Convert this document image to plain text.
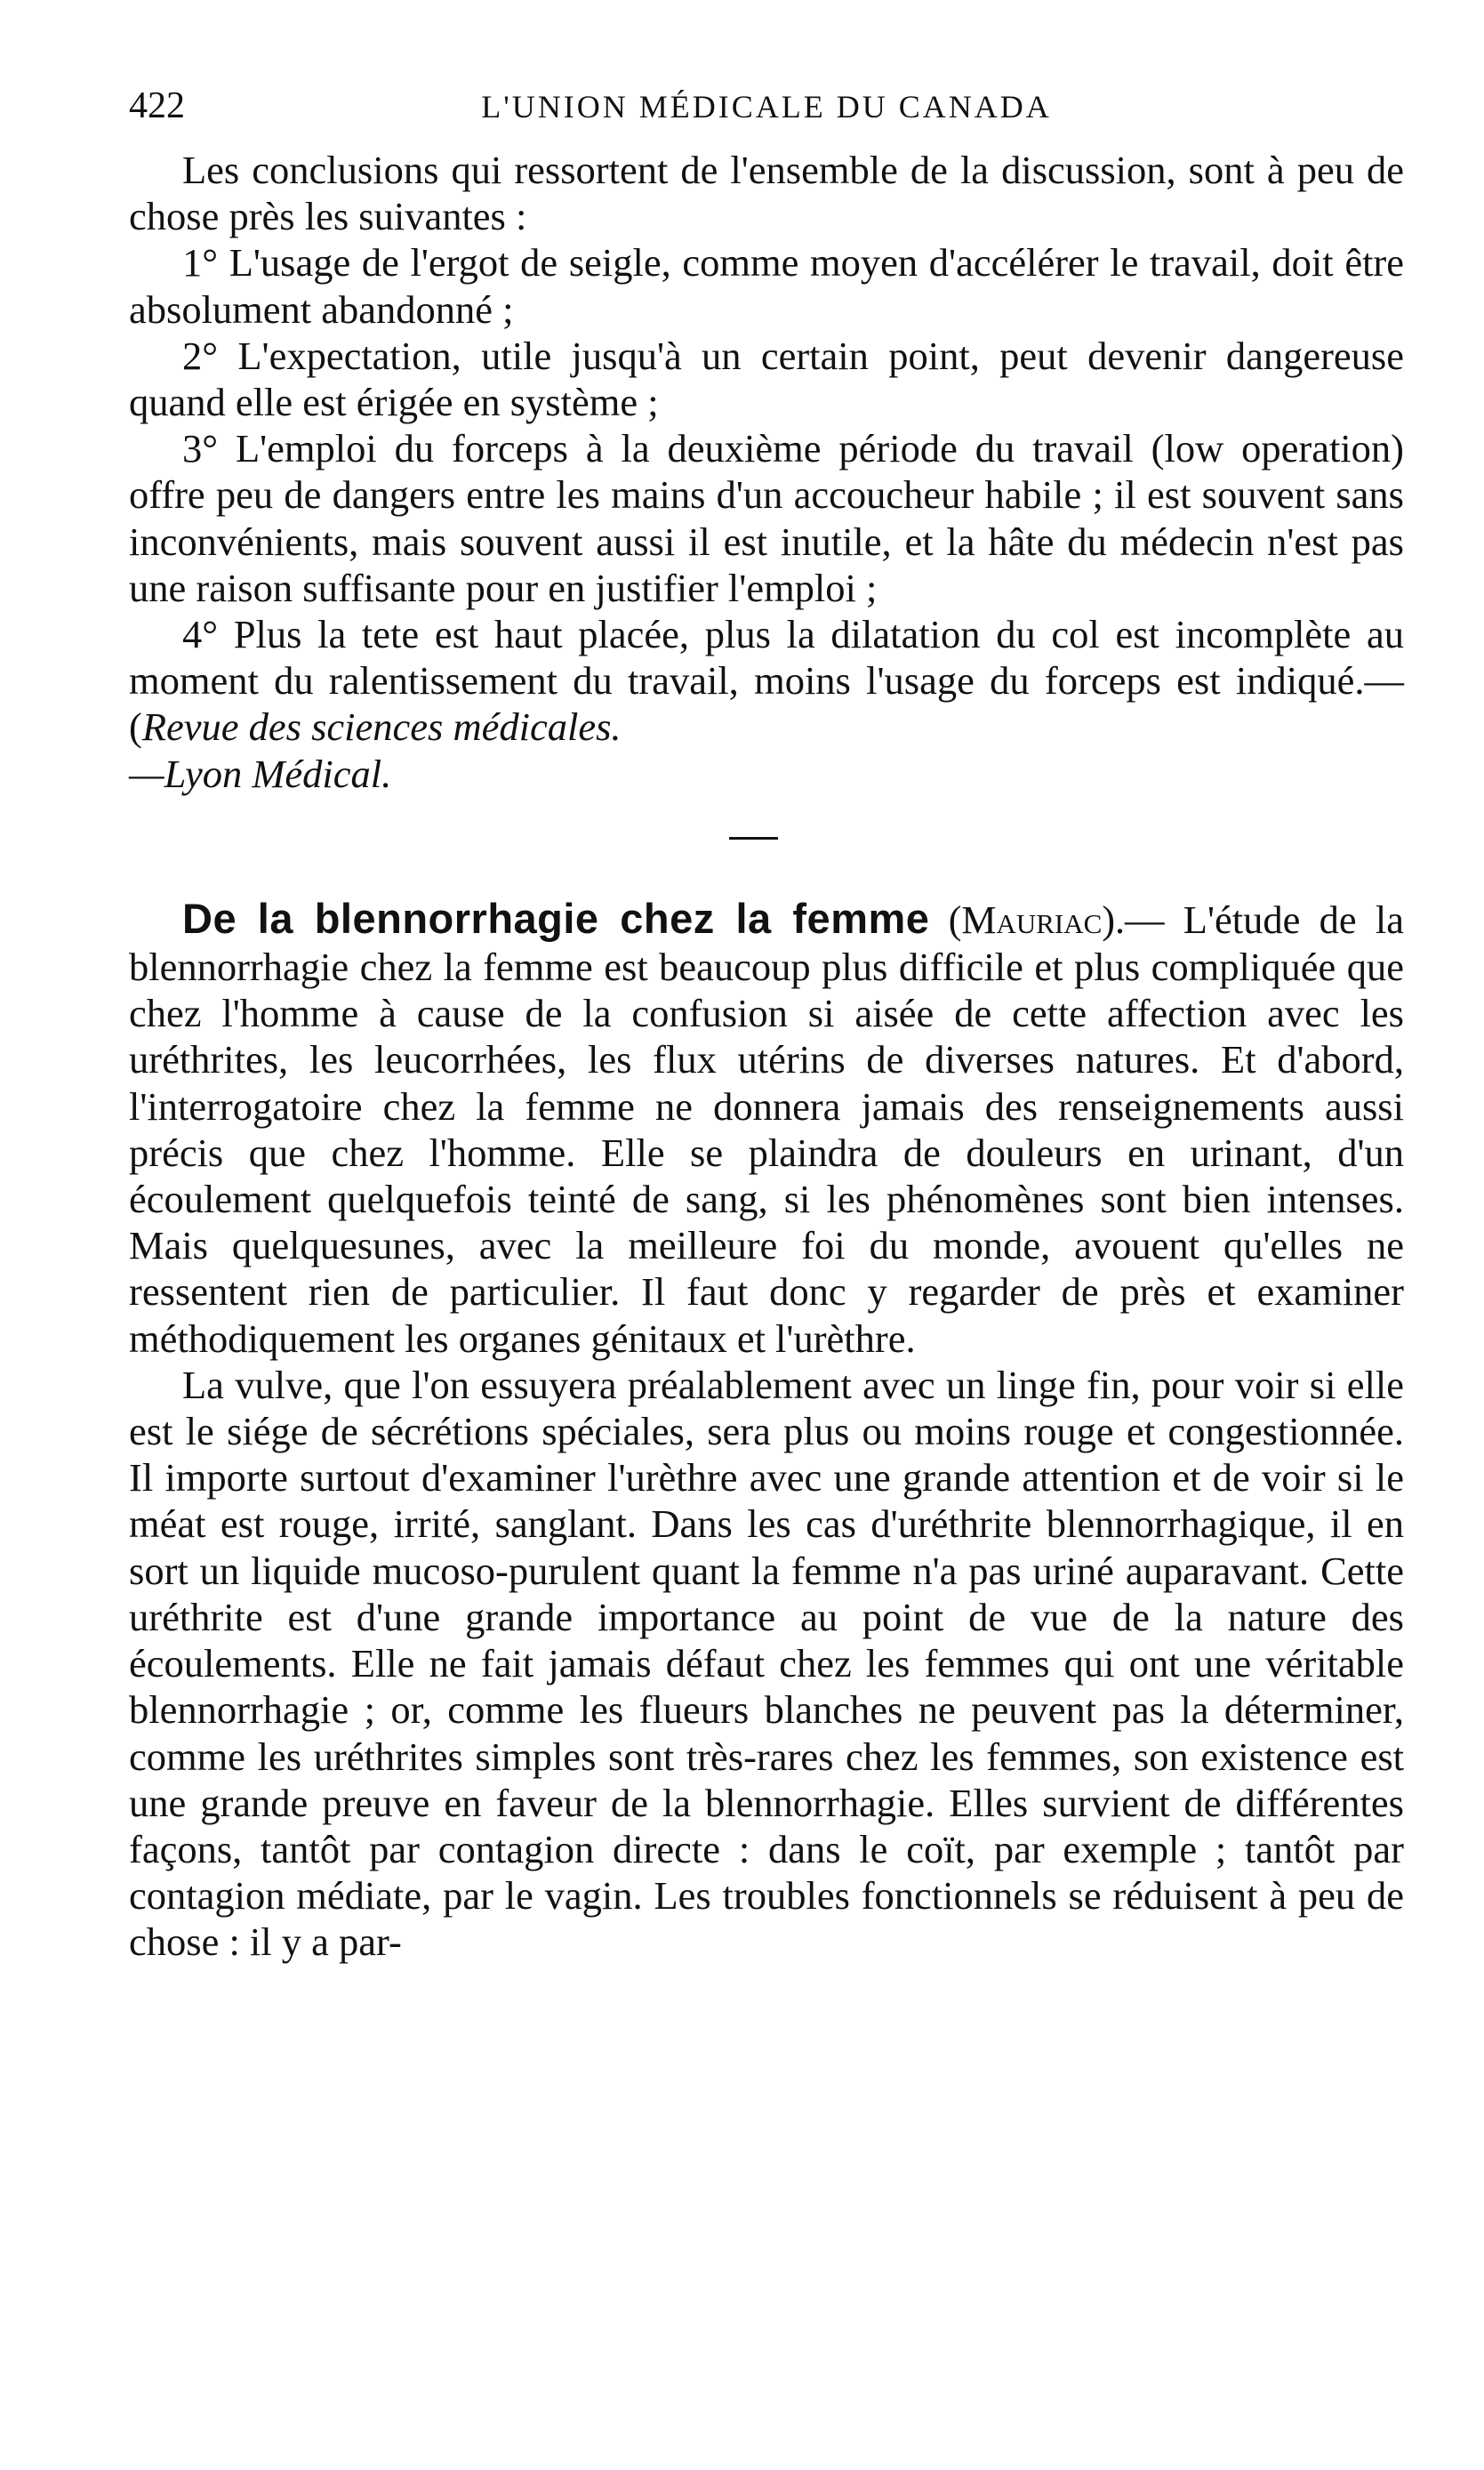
422	L'UNION MÉDICALE DU CANADA

Les conclusions qui ressortent de l'ensemble de la discussion, sont à peu de chose près les suivantes :

1° L'usage de l'ergot de seigle, comme moyen d'accélérer le travail, doit être absolument abandonné ;

2° L'expectation, utile jusqu'à un certain point, peut devenir dangereuse quand elle est érigée en système ;

3° L'emploi du forceps à la deuxième période du travail (low operation) offre peu de dangers entre les mains d'un accoucheur habile ; il est souvent sans inconvénients, mais souvent aussi il est inutile, et la hâte du médecin n'est pas une raison suffisante pour en justifier l'emploi ;

4° Plus la tete est haut placée, plus la dilatation du col est incomplète au moment du ralentissement du travail, moins l'usage du forceps est indiqué.—(Revue des sciences médicales.

—Lyon Médical.

De la blennorrhagie chez la femme (Mauriac).— L'étude de la blennorrhagie chez la femme est beaucoup plus difficile et plus compliquée que chez l'homme à cause de la confusion si aisée de cette affection avec les uréthrites, les leucorrhées, les flux utérins de diverses natures. Et d'abord, l'interrogatoire chez la femme ne donnera jamais des renseignements aussi précis que chez l'homme. Elle se plaindra de douleurs en urinant, d'un écoulement quelquefois teinté de sang, si les phénomènes sont bien intenses. Mais quelquesunes, avec la meilleure foi du monde, avouent qu'elles ne ressentent rien de particulier. Il faut donc y regarder de près et examiner méthodiquement les organes génitaux et l'urèthre.

La vulve, que l'on essuyera préalablement avec un linge fin, pour voir si elle est le siége de sécrétions spéciales, sera plus ou moins rouge et congestionnée. Il importe surtout d'examiner l'urèthre avec une grande attention et de voir si le méat est rouge, irrité, sanglant. Dans les cas d'uréthrite blennorrhagique, il en sort un liquide mucoso-purulent quant la femme n'a pas uriné auparavant. Cette uréthrite est d'une grande importance au point de vue de la nature des écoulements. Elle ne fait jamais défaut chez les femmes qui ont une véritable blennorrhagie ; or, comme les flueurs blanches ne peuvent pas la déterminer, comme les uréthrites simples sont très-rares chez les femmes, son existence est une grande preuve en faveur de la blennorrhagie. Elles survient de différentes façons, tantôt par contagion directe : dans le coït, par exemple ; tantôt par contagion médiate, par le vagin. Les troubles fonctionnels se réduisent à peu de chose : il y a par-
